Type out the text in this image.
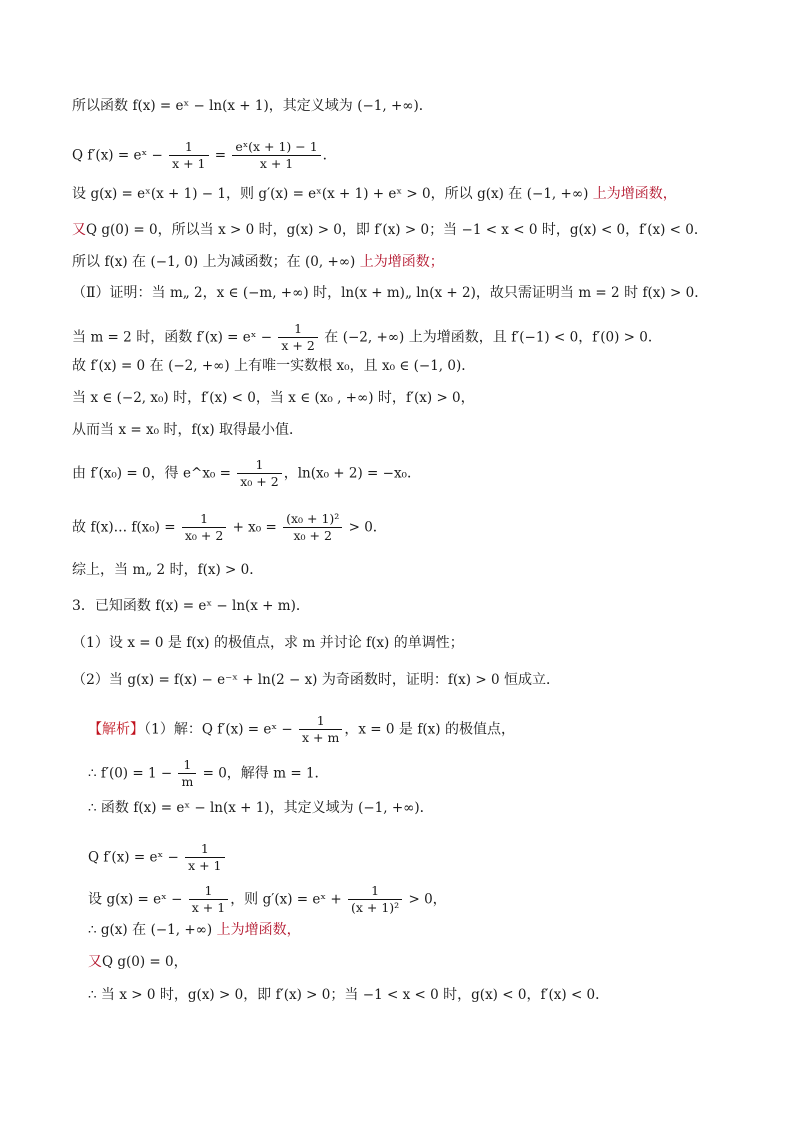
所以函数 f(x) = eˣ − ln(x + 1)，其定义域为 (−1, +∞)．
Q f′(x) = eˣ − $\frac{1}{x + 1} = \frac{\text{eˣ(x + 1) − 1}}{x + 1}$ ．
设 g(x) = eˣ(x + 1) − 1，则 g′(x) = eˣ(x + 1) + eˣ > 0，所以 g(x) 在 (−1, +∞) 上为增函数，
又Q g(0) = 0，所以当 x > 0 时，g(x) > 0，即 f′(x) > 0；当 −1 < x < 0 时，g(x) < 0，f′(x) < 0．
所以 f(x) 在 (−1, 0) 上为减函数；在 (0, +∞) 上为增函数；
（Ⅱ）证明：当 m„ 2，x ∈ (−m, +∞) 时，ln(x + m)„ ln(x + 2)，故只需证明当 m = 2 时 f(x) > 0．
当 m = 2 时，函数 f′(x) = eˣ − $\frac{1}{x + 2}$ 在 (−2, +∞) 上为增函数，且 f′(−1) < 0，f′(0) > 0．
故 f′(x) = 0 在 (−2, +∞) 上有唯一实数根 x₀，且 x₀ ∈ (−1, 0)．
当 x ∈ (−2, x₀) 时，f′(x) < 0，当 x ∈ (x₀ , +∞) 时，f′(x) > 0，
从而当 x = x₀ 时，f(x) 取得最小值．
由 f′(x₀) = 0，得 e^x₀ = $\frac{1}{\text{x₀ + 2}}$ ，ln(x₀ + 2) = −x₀．
故 f(x)… $f(x_0) = \frac{1}{\text{x₀ + 2}} + x_0 = \frac{\text{(x₀ + 1)²}}{\text{x₀ + 2}} > 0$．
综上，当 m„ 2 时，f(x) > 0．
3．已知函数 f(x) = eˣ − ln(x + m)．
（1）设 x = 0 是 f(x) 的极值点，求 m 并讨论 f(x) 的单调性；
（2）当 g(x) = f(x) − e⁻ˣ + ln(2 − x) 为奇函数时，证明：f(x) > 0 恒成立．
【解析】（1）解：Q f′(x) = eˣ − $\frac{1}{x + m}$ ，x = 0 是 f(x) 的极值点，
∴ $f'(0) = 1 - \frac{1}{m} = 0$，解得 m = 1．
∴ 函数 f(x) = eˣ − ln(x + 1)，其定义域为 (−1, +∞)．
Q f′(x) = eˣ − $\frac{1}{x + 1}$
设 g(x) = eˣ − $\frac{1}{x + 1}$ ，则 g′(x) = eˣ + $\frac{1}{\text{(x + 1)²}} > 0$，
∴ g(x) 在 (−1, +∞) 上为增函数，
又Q g(0) = 0，
∴ 当 x > 0 时，g(x) > 0，即 f′(x) > 0；当 −1 < x < 0 时，g(x) < 0，f′(x) < 0．
